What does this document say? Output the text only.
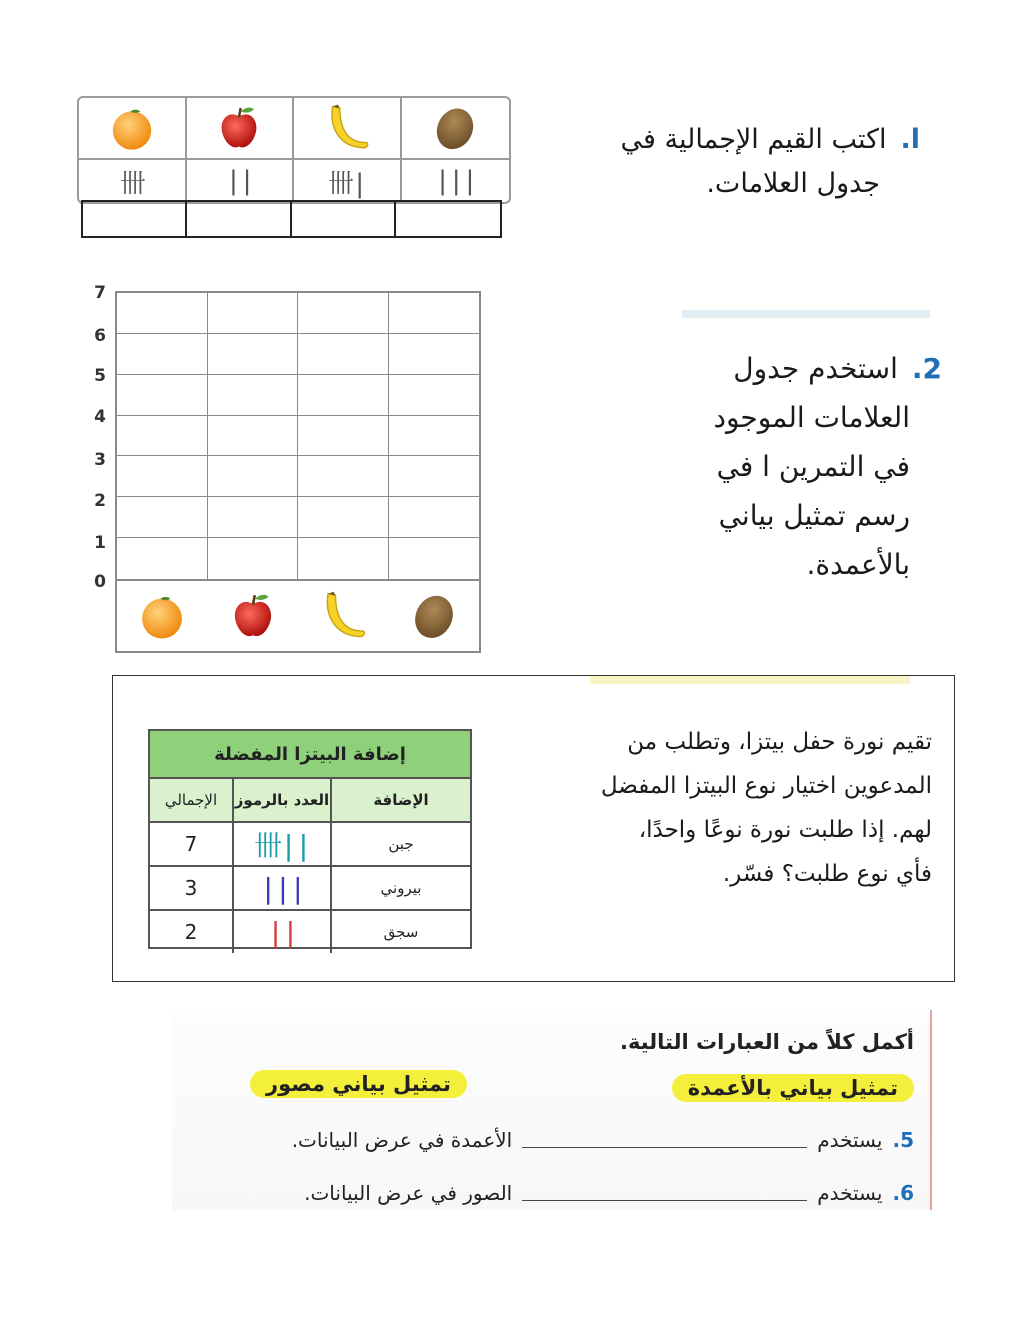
卌	||	卌|	|||
ا.اكتب القيم الإجمالية في
جدول العلامات.
7
6
5
4
3
2
1
0
2.استخدم جدول
العلامات الموجود
في التمرين ا في
رسم تمثيل بياني
بالأعمدة.
إضافة البيتزا المفضلة
الإجمالي	العدد بالرموز	الإضافة
7	卌||	جبن
3	|||	بيروني
2	||	سجق
تقيم نورة حفل بيتزا، وتطلب من
المدعوين اختيار نوع البيتزا المفضل
لهم. إذا طلبت نورة نوعًا واحدًا،
فأي نوع طلبت؟ فسّر.
أكمل كلاً من العبارات التالية.
تمثيل بياني بالأعمدة
تمثيل بياني مصور
5.
يستخدم
الأعمدة في عرض البيانات.
6.
يستخدم
الصور في عرض البيانات.
